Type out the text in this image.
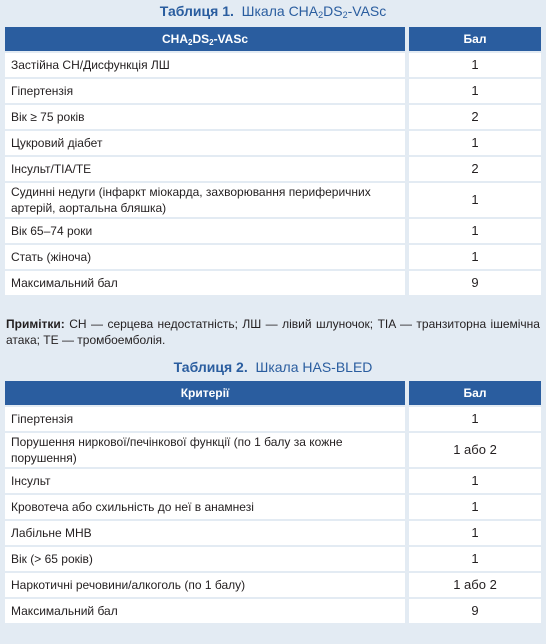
Таблиця 1. Шкала $CHA_2DS_2$-VASc
$CHA_2DS_2$-VASc	Бал
Застійна СН/Дисфункція ЛШ	1
Гіпертензія	1
Вік ≥ 75 років	2
Цукровий діабет	1
Інсульт/TIA/TE	2
Судинні недуги (інфаркт міокарда, захворювання периферичних артерій, аортальна бляшка)	1
Вік 65–74 роки	1
Стать (жіноча)	1
Максимальний бал	9
Примітки: СН — серцева недостатність; ЛШ — лівий шлуночок; TIA — транзиторна ішемічна атака; TE — тромбоемболія.
Таблиця 2. Шкала HAS-BLED
Критерії	Бал
Гіпертензія	1
Порушення ниркової/печінкової функції (по 1 балу за кожне порушення)	1 або 2
Інсульт	1
Кровотеча або схильність до неї в анамнезі	1
Лабільне МНВ	1
Вік (> 65 років)	1
Наркотичні речовини/алкоголь (по 1 балу)	1 або 2
Максимальний бал	9
